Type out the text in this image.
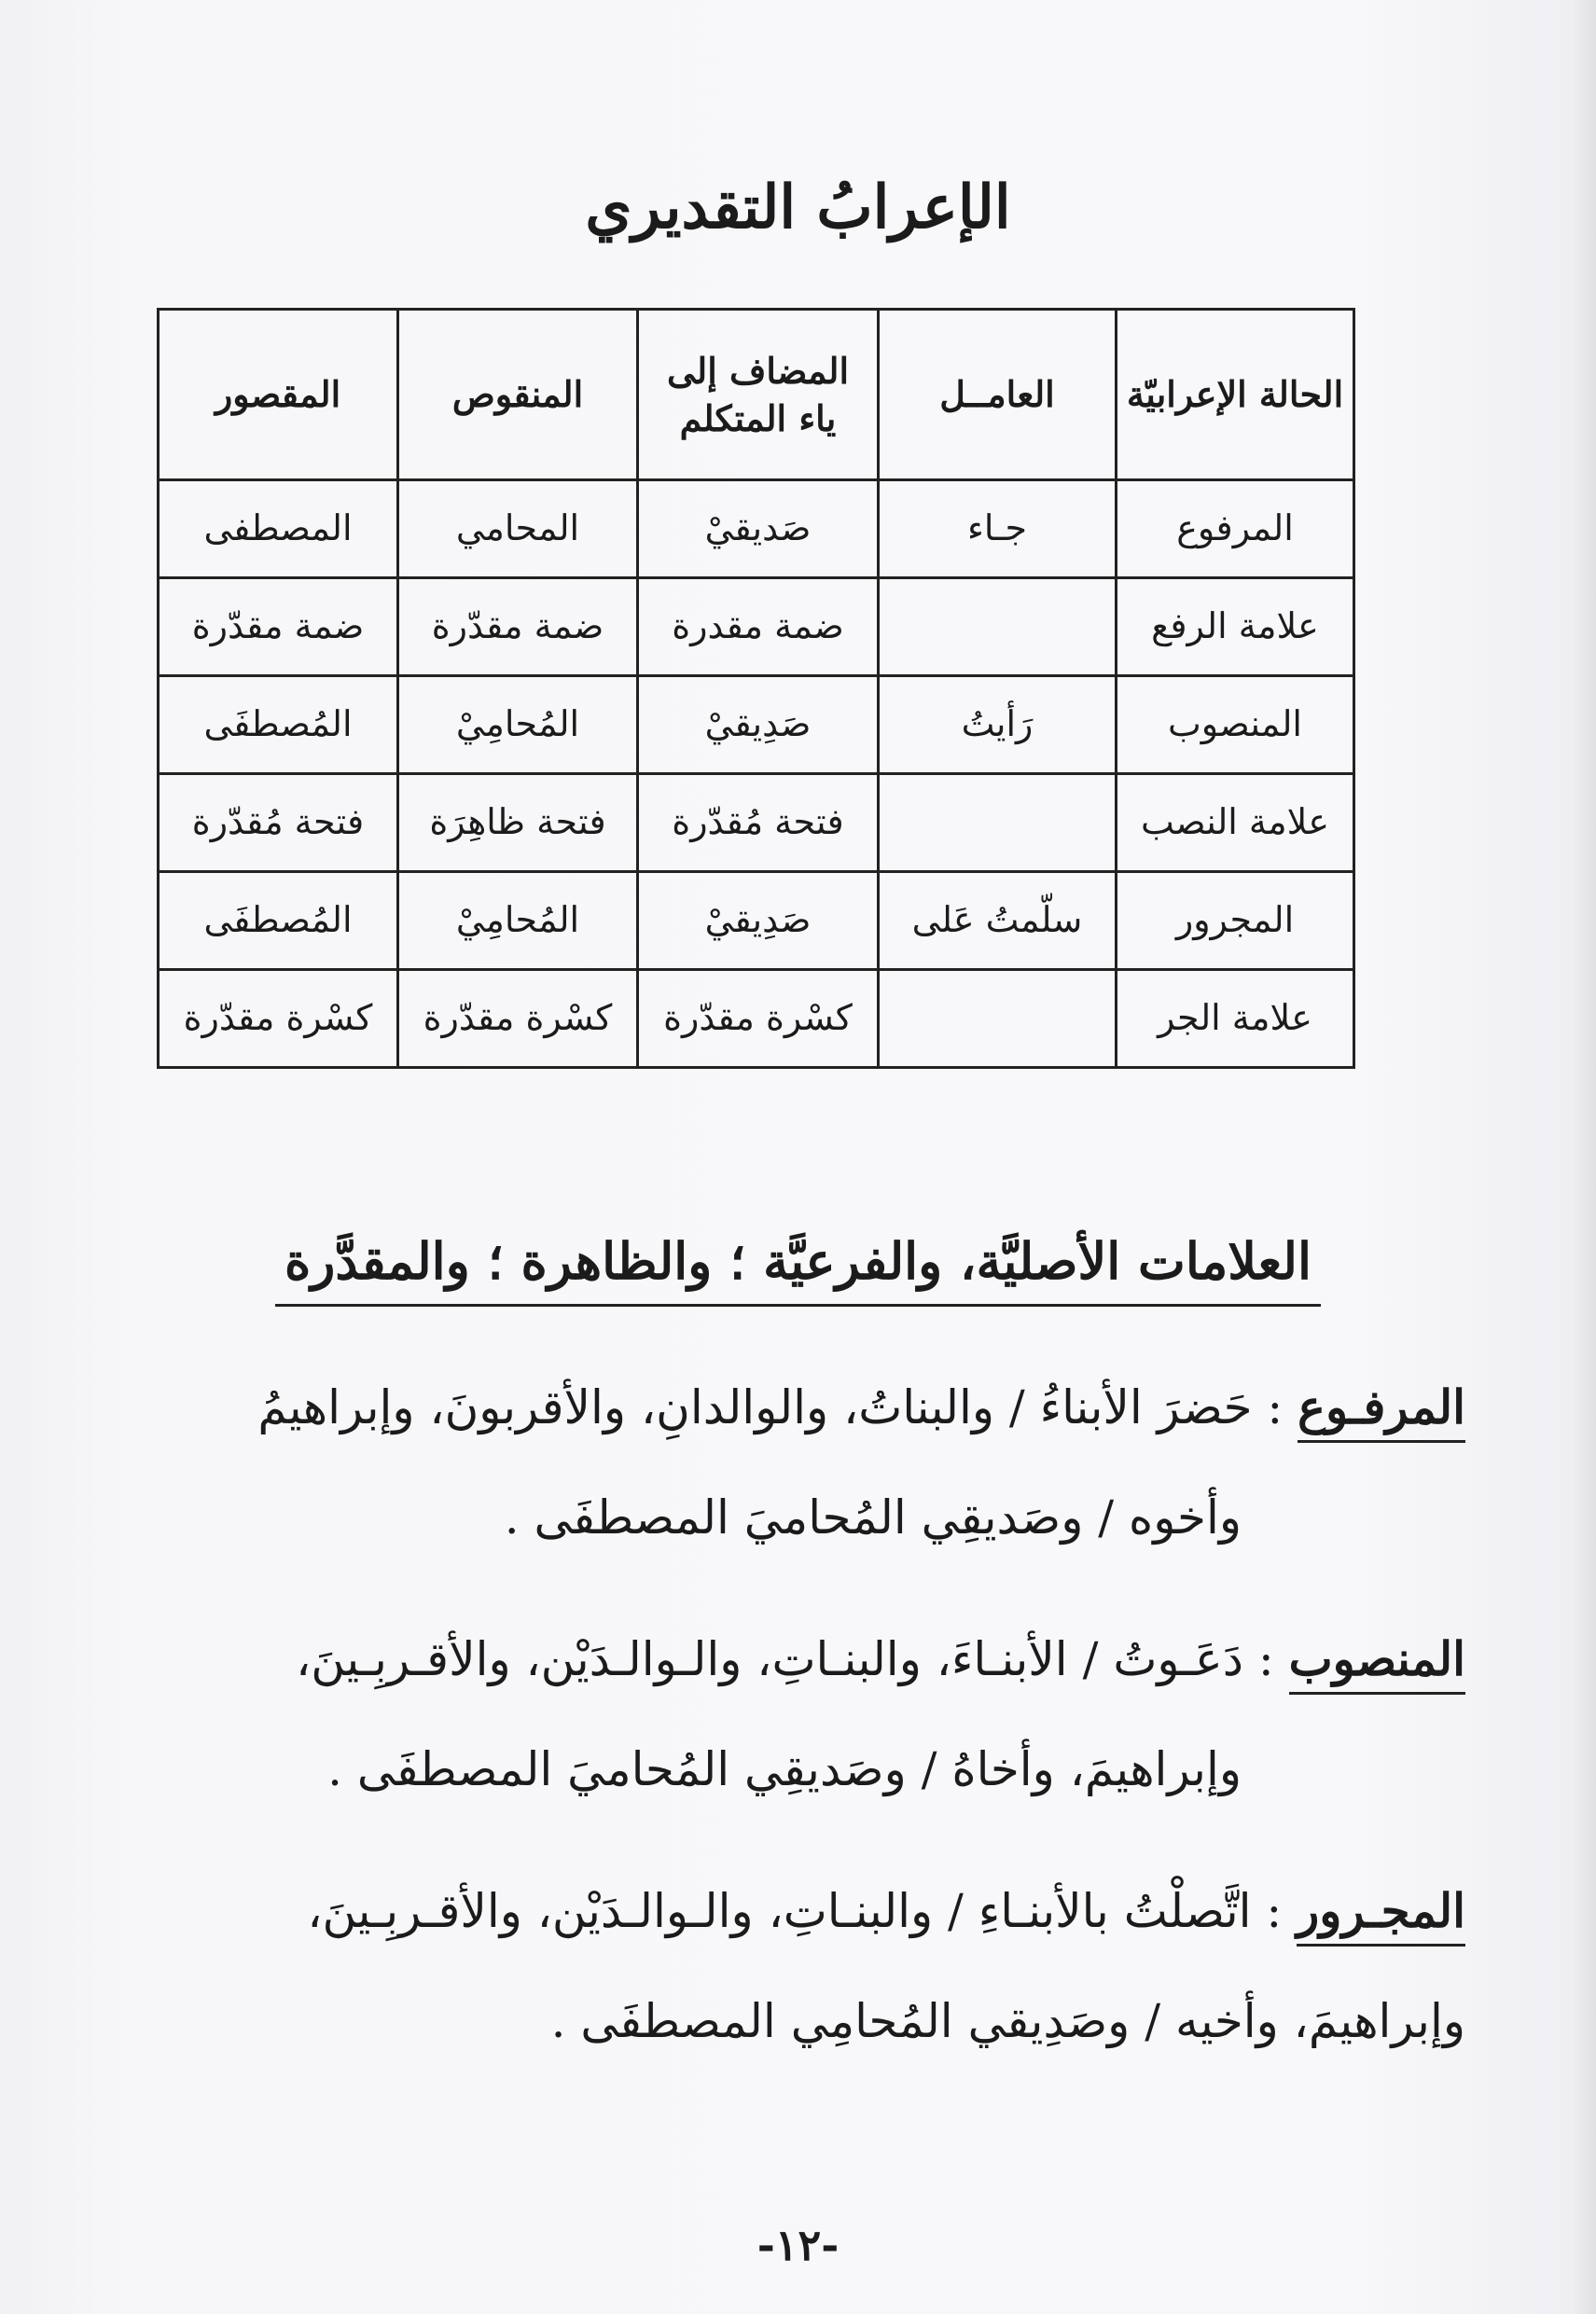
الإعرابُ التقديري
الحالة الإعرابيّة	العامــل	المضاف إلى ياء المتكلم	المنقوص	المقصور
المرفوع	جـاء	صَديقيْ	المحامي	المصطفى
علامة الرفع		ضمة مقدرة	ضمة مقدّرة	ضمة مقدّرة
المنصوب	رَأيتُ	صَدِيقيْ	المُحامِيْ	المُصطفَى
علامة النصب		فتحة مُقدّرة	فتحة ظاهِرَة	فتحة مُقدّرة
المجرور	سلّمتُ عَلى	صَدِيقيْ	المُحامِيْ	المُصطفَى
علامة الجر		كسْرة مقدّرة	كسْرة مقدّرة	كسْرة مقدّرة
العلامات الأصليَّة، والفرعيَّة ؛ والظاهرة ؛ والمقدَّرة
المرفـوع : حَضرَ الأبناءُ / والبناتُ، والوالدانِ، والأقربونَ، وإبراهيمُ
وأخوه / وصَديقِي المُحاميَ المصطفَى .
المنصوب : دَعَـوتُ / الأبنـاءَ، والبنـاتِ، والـوالـدَيْن، والأقـربِـينَ،
وإبراهيمَ، وأخاهُ / وصَديقِي المُحاميَ المصطفَى .
المجـرور : اتَّصلْتُ بالأبنـاءِ / والبنـاتِ، والـوالـدَيْن، والأقـربِـينَ،
وإبراهيمَ، وأخيه / وصَدِيقي المُحامِي المصطفَى .
-١٢-
